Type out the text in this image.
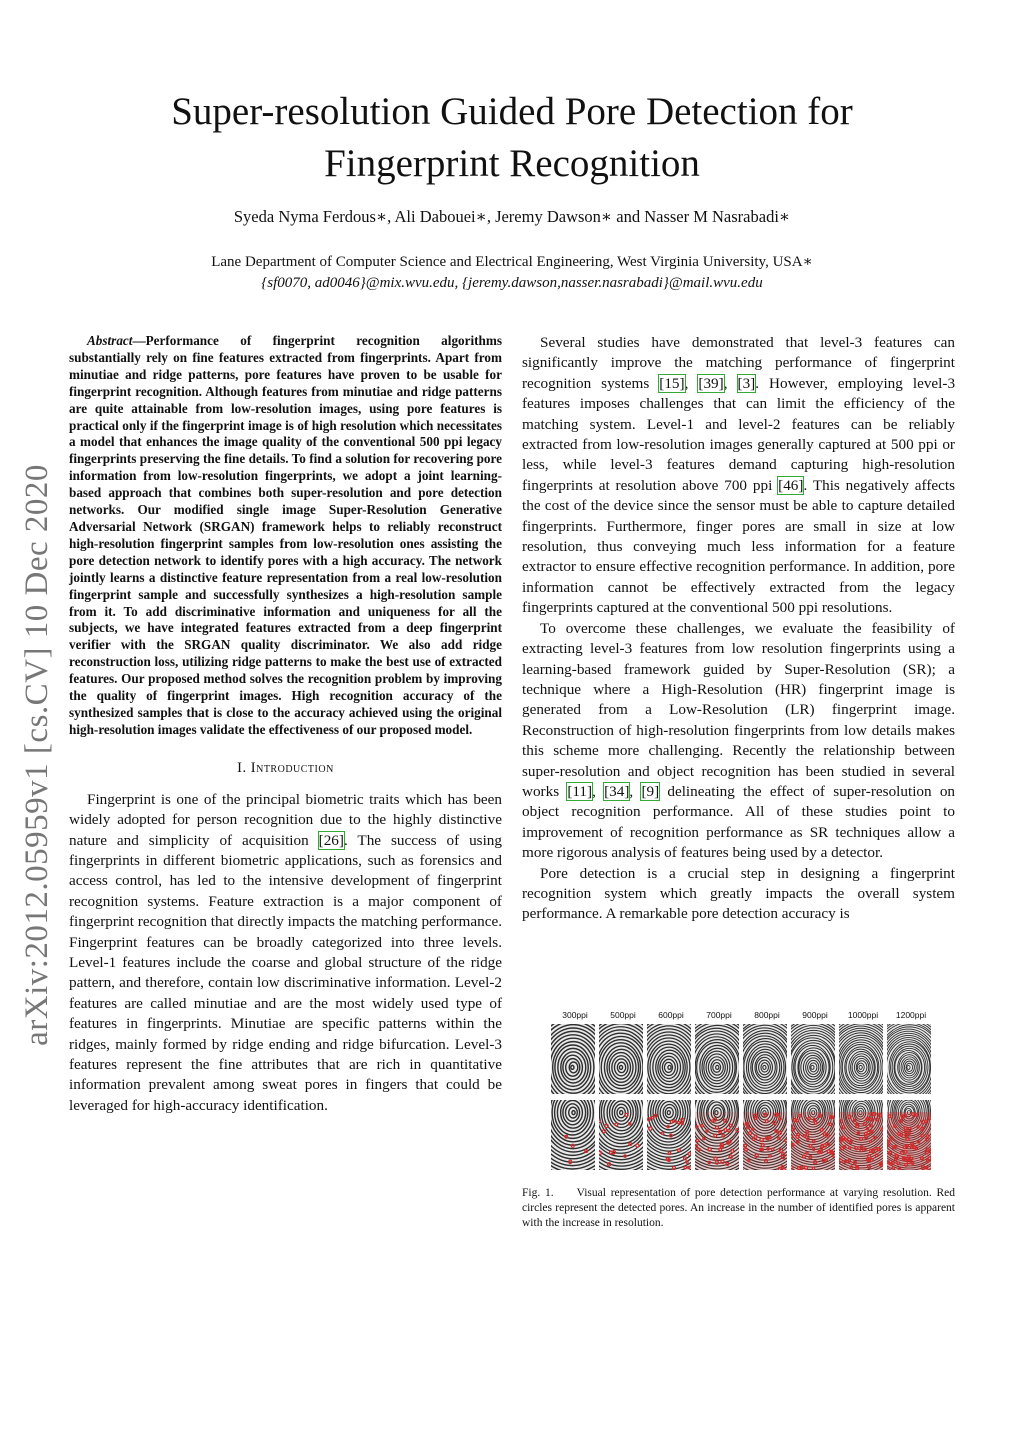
Super-resolution Guided Pore Detection for
Fingerprint Recognition
Syeda Nyma Ferdous∗, Ali Dabouei∗, Jeremy Dawson∗ and Nasser M Nasrabadi∗
Lane Department of Computer Science and Electrical Engineering, West Virginia University, USA∗
{sf0070, ad0046}@mix.wvu.edu, {jeremy.dawson,nasser.nasrabadi}@mail.wvu.edu
arXiv:2012.05959v1 [cs.CV] 10 Dec 2020

Abstract—Performance of fingerprint recognition algorithms substantially rely on fine features extracted from fingerprints. Apart from minutiae and ridge patterns, pore features have proven to be usable for fingerprint recognition. Although features from minutiae and ridge patterns are quite attainable from low-resolution images, using pore features is practical only if the fingerprint image is of high resolution which necessitates a model that enhances the image quality of the conventional 500 ppi legacy fingerprints preserving the fine details. To find a solution for recovering pore information from low-resolution fingerprints, we adopt a joint learning-based approach that combines both super-resolution and pore detection networks. Our modified single image Super-Resolution Generative Adversarial Network (SRGAN) framework helps to reliably reconstruct high-resolution fingerprint samples from low-resolution ones assisting the pore detection network to identify pores with a high accuracy. The network jointly learns a distinctive feature representation from a real low-resolution fingerprint sample and successfully synthesizes a high-resolution sample from it. To add discriminative information and uniqueness for all the subjects, we have integrated features extracted from a deep fingerprint verifier with the SRGAN quality discriminator. We also add ridge reconstruction loss, utilizing ridge patterns to make the best use of extracted features. Our proposed method solves the recognition problem by improving the quality of fingerprint images. High recognition accuracy of the synthesized samples that is close to the accuracy achieved using the original high-resolution images validate the effectiveness of our proposed model.

I. Introduction

Fingerprint is one of the principal biometric traits which has been widely adopted for person recognition due to the highly distinctive nature and simplicity of acquisition [26]. The success of using fingerprints in different biometric applications, such as forensics and access control, has led to the intensive development of fingerprint recognition systems. Feature extraction is a major component of fingerprint recognition that directly impacts the matching performance. Fingerprint features can be broadly categorized into three levels. Level-1 features include the coarse and global structure of the ridge pattern, and therefore, contain low discriminative information. Level-2 features are called minutiae and are the most widely used type of features in fingerprints. Minutiae are specific patterns within the ridges, mainly formed by ridge ending and ridge bifurcation. Level-3 features represent the fine attributes that are rich in quantitative information prevalent among sweat pores in fingers that could be leveraged for high-accuracy identification.

Several studies have demonstrated that level-3 features can significantly improve the matching performance of fingerprint recognition systems [15], [39], [3]. However, employing level-3 features imposes challenges that can limit the efficiency of the matching system. Level-1 and level-2 features can be reliably extracted from low-resolution images generally captured at 500 ppi or less, while level-3 features demand capturing high-resolution fingerprints at resolution above 700 ppi [46]. This negatively affects the cost of the device since the sensor must be able to capture detailed fingerprints. Furthermore, finger pores are small in size at low resolution, thus conveying much less information for a feature extractor to ensure effective recognition performance. In addition, pore information cannot be effectively extracted from the legacy fingerprints captured at the conventional 500 ppi resolutions.

To overcome these challenges, we evaluate the feasibility of extracting level-3 features from low resolution fingerprints using a learning-based framework guided by Super-Resolution (SR); a technique where a High-Resolution (HR) fingerprint image is generated from a Low-Resolution (LR) fingerprint image. Reconstruction of high-resolution fingerprints from low details makes this scheme more challenging. Recently the relationship between super-resolution and object recognition has been studied in several works [11], [34], [9] delineating the effect of super-resolution on object recognition performance. All of these studies point to improvement of recognition performance as SR techniques allow a more rigorous analysis of features being used by a detector.

Pore detection is a crucial step in designing a fingerprint recognition system which greatly impacts the overall system performance. A remarkable pore detection accuracy is

300ppi	500ppi	600ppi	700ppi	800ppi	900ppi	1000ppi	1200ppi
Fig. 1.  Visual representation of pore detection performance at varying resolution. Red circles represent the detected pores. An increase in the number of identified pores is apparent with the increase in resolution.
